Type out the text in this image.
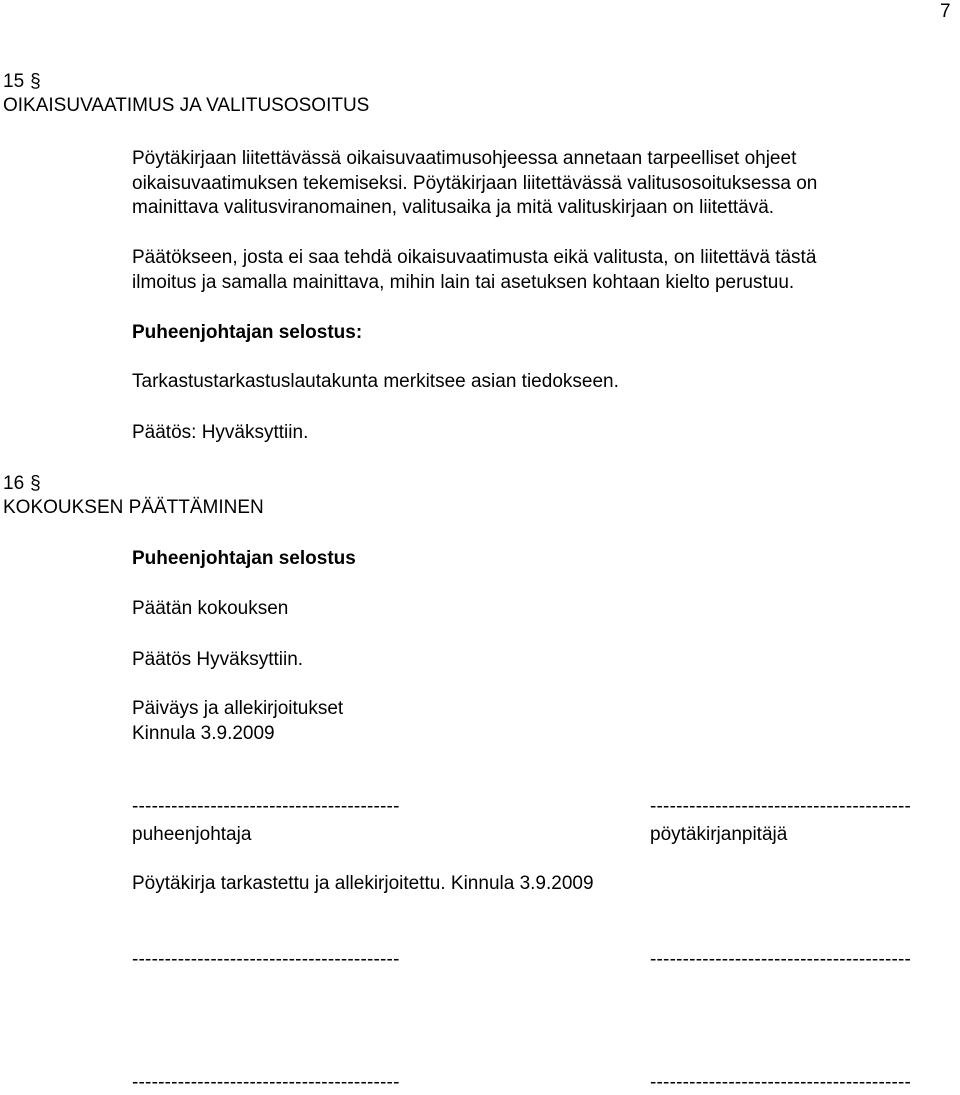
7
15 §
OIKAISUVAATIMUS JA VALITUSOSOITUS
Pöytäkirjaan liitettävässä oikaisuvaatimusohjeessa annetaan tarpeelliset ohjeet
oikaisuvaatimuksen tekemiseksi. Pöytäkirjaan liitettävässä valitusosoituksessa on
mainittava valitusviranomainen, valitusaika ja mitä valituskirjaan on liitettävä.
Päätökseen, josta ei saa tehdä oikaisuvaatimusta eikä valitusta, on liitettävä tästä
ilmoitus ja samalla mainittava, mihin lain tai asetuksen kohtaan kielto perustuu.
Puheenjohtajan selostus:
Tarkastustarkastuslautakunta merkitsee asian tiedokseen.
Päätös: Hyväksyttiin.
16 §
KOKOUKSEN PÄÄTTÄMINEN
Puheenjohtajan selostus
Päätän kokouksen
Päätös Hyväksyttiin.
Päiväys ja allekirjoitukset
Kinnula 3.9.2009
-----------------------------------------	----------------------------------------
puheenjohtaja	pöytäkirjanpitäjä
Pöytäkirja tarkastettu ja allekirjoitettu. Kinnula 3.9.2009
-----------------------------------------	----------------------------------------
-----------------------------------------	----------------------------------------
